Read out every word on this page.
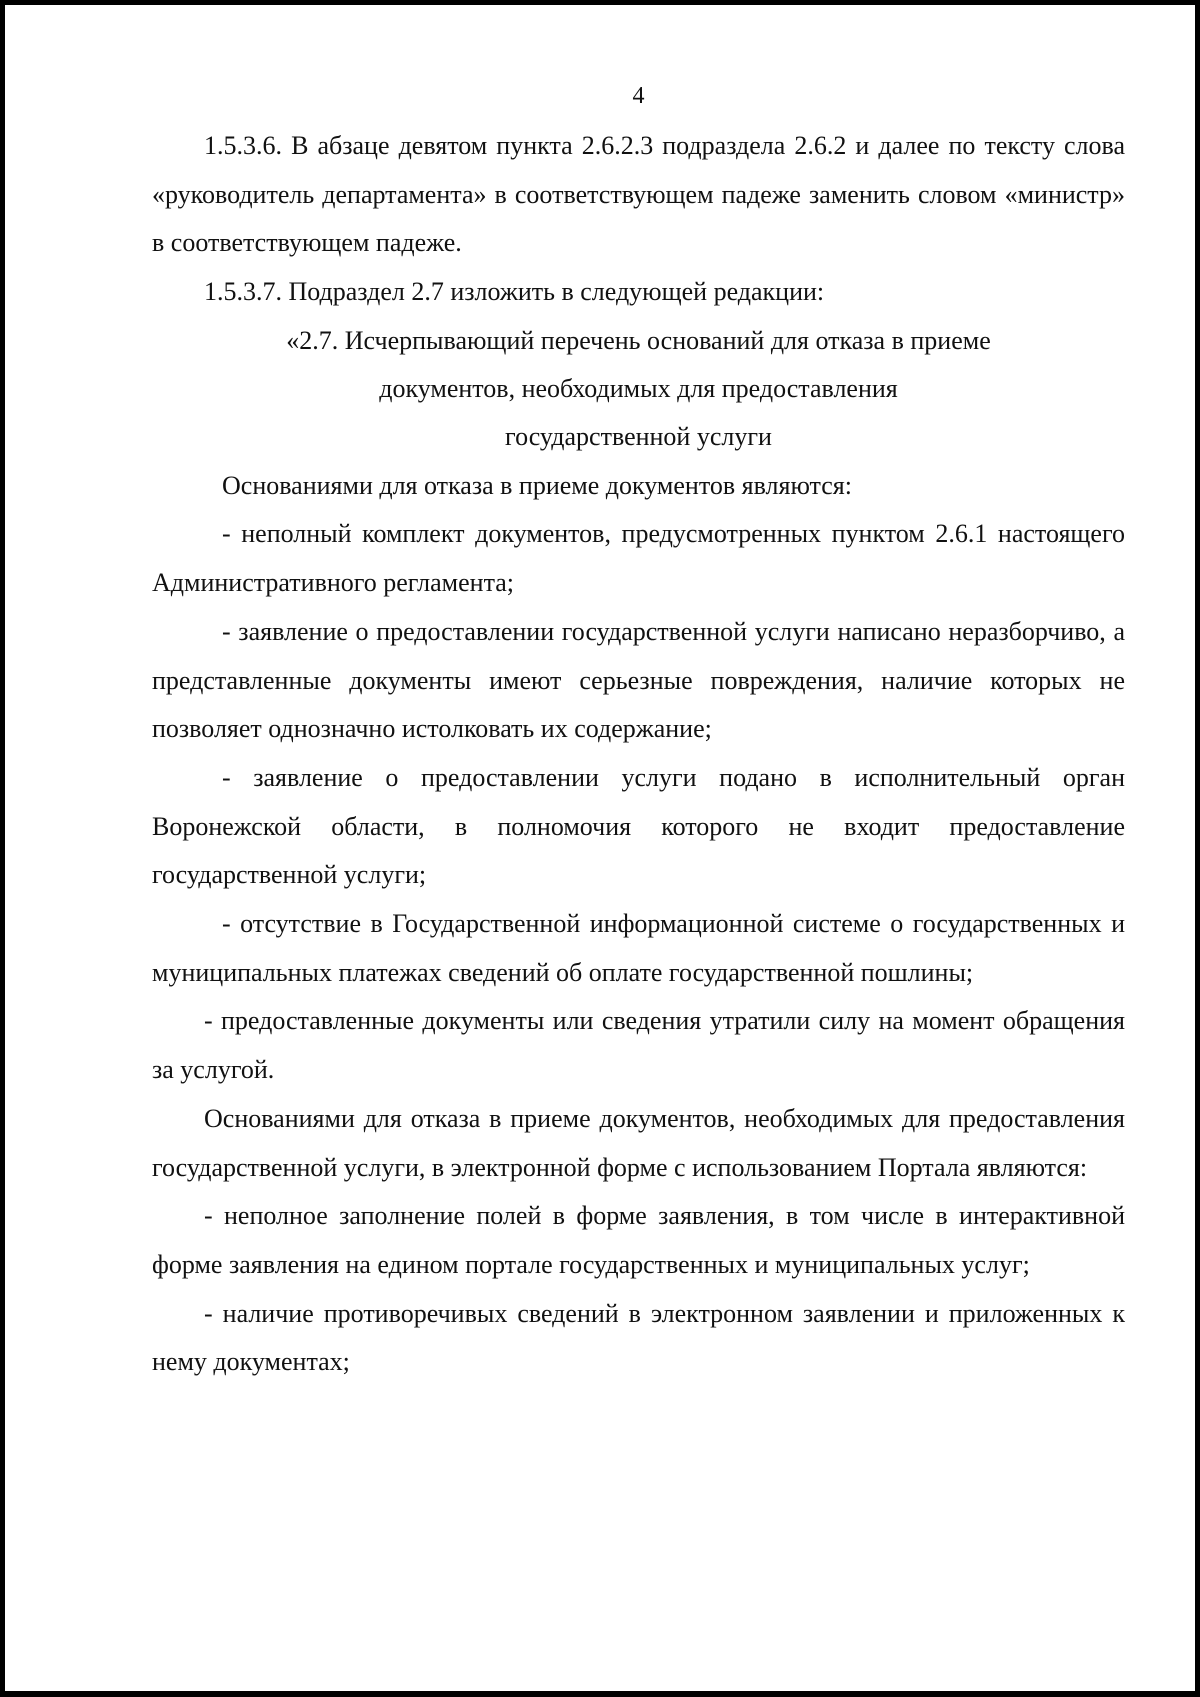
4

1.5.3.6. В абзаце девятом пункта 2.6.2.3 подраздела 2.6.2 и далее по тексту слова «руководитель департамента» в соответствующем падеже заменить словом «министр» в соответствующем падеже.

1.5.3.7. Подраздел 2.7 изложить в следующей редакции:

«2.7. Исчерпывающий перечень оснований для отказа в приеме
документов, необходимых для предоставления
государственной услуги

Основаниями для отказа в приеме документов являются:

- неполный комплект документов, предусмотренных пунктом 2.6.1 настоящего Административного регламента;

- заявление о предоставлении государственной услуги написано неразборчиво, а представленные документы имеют серьезные повреждения, наличие которых не позволяет однозначно истолковать их содержание;

- заявление о предоставлении услуги подано в исполнительный орган Воронежской области, в полномочия которого не входит предоставление государственной услуги;

- отсутствие в Государственной информационной системе о государственных и муниципальных платежах сведений об оплате государственной пошлины;

- предоставленные документы или сведения утратили силу на момент обращения за услугой.

Основаниями для отказа в приеме документов, необходимых для предоставления государственной услуги, в электронной форме с использованием Портала являются:

- неполное заполнение полей в форме заявления, в том числе в интерактивной форме заявления на едином портале государственных и муниципальных услуг;

- наличие противоречивых сведений в электронном заявлении и приложенных к нему документах;
